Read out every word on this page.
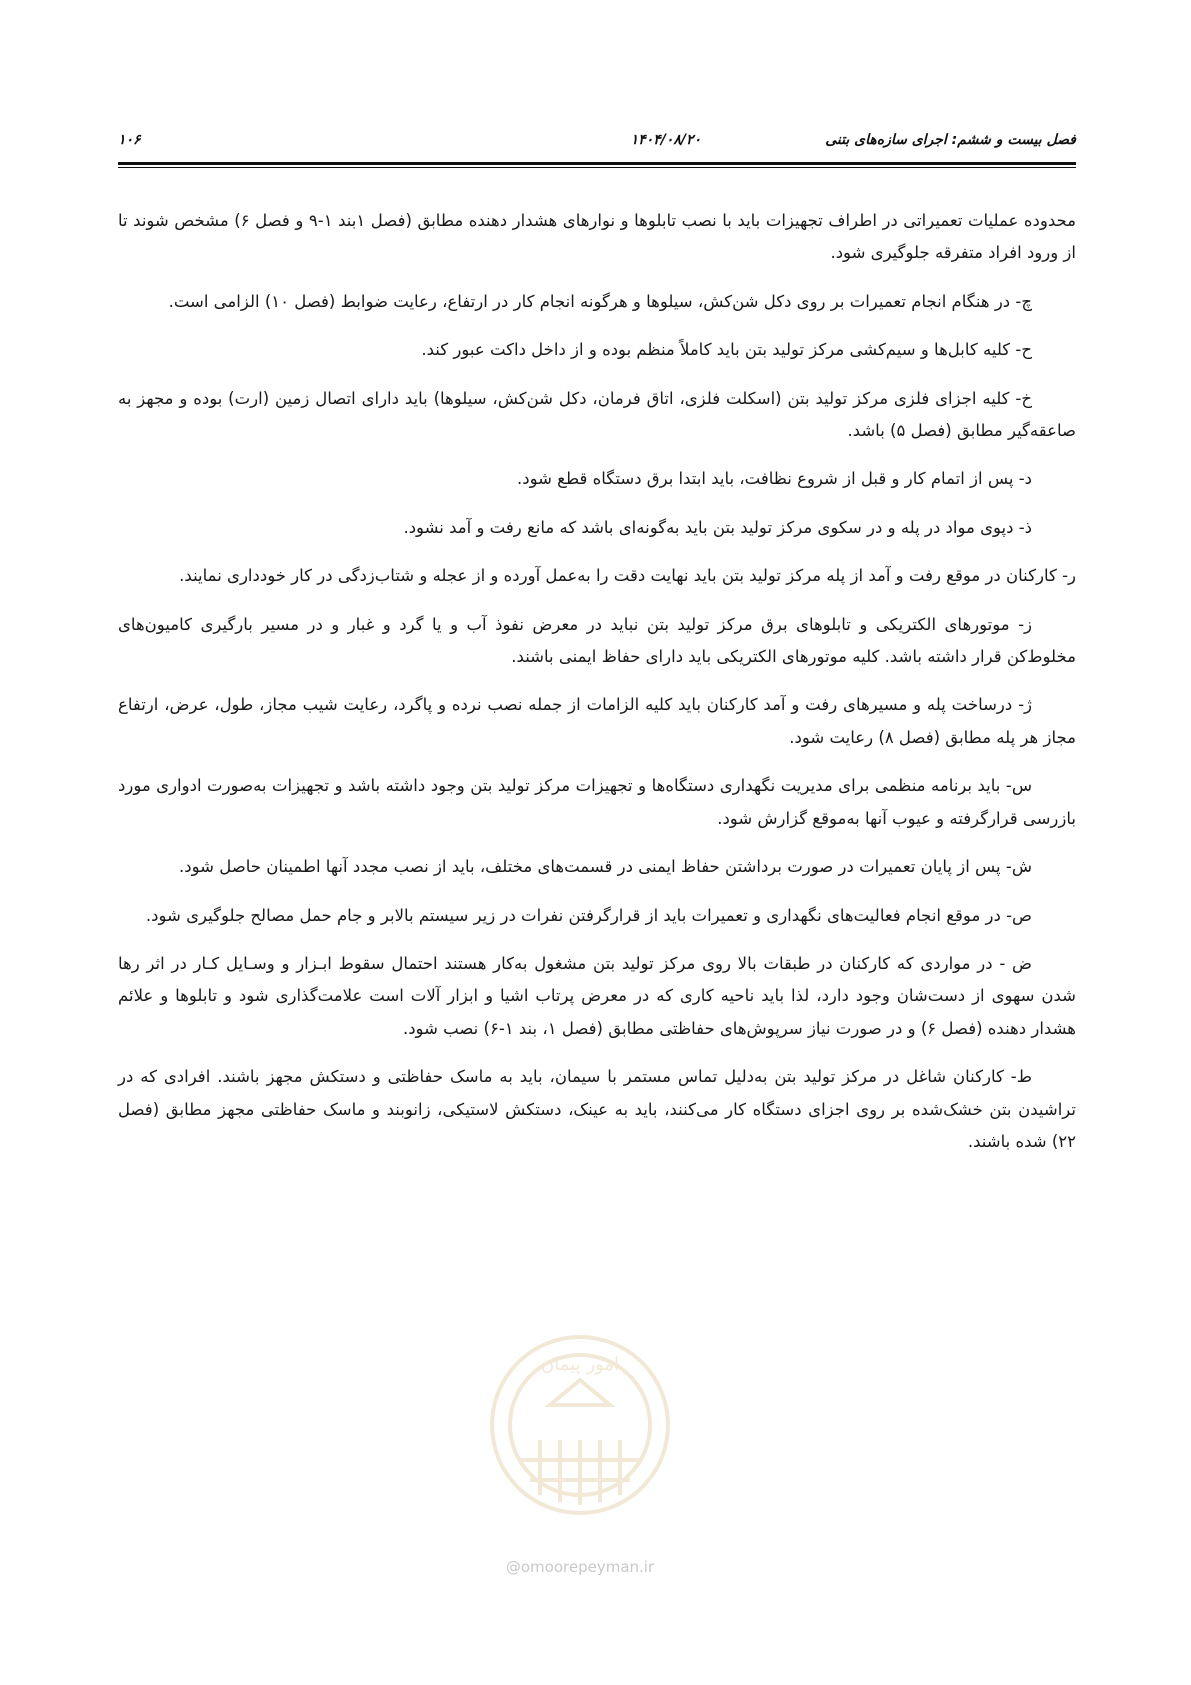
فصل بیست و ششم: اجرای سازه‌های بتنی
۱۴۰۴/۰۸/۲۰
۱۰۶

محدوده عملیات تعمیراتی در اطراف تجهیزات باید با نصب تابلوها و نوارهای هشدار دهنده مطابق (فصل ۱بند ۱-۹ و فصل ۶) مشخص شوند تا از ورود افراد متفرقه جلوگیری شود.

چ- در هنگام انجام تعمیرات بر روی دکل شن‌کش، سیلوها و هرگونه انجام کار در ارتفاع، رعایت ضوابط (فصل ۱۰) الزامی است.

ح- کلیه کابل‌ها و سیم‌کشی مرکز تولید بتن باید کاملاً منظم بوده و از داخل داکت عبور کند.

خ- کلیه اجزای فلزی مرکز تولید بتن (اسکلت فلزی، اتاق فرمان، دکل شن‌کش، سیلوها) باید دارای اتصال زمین (ارت) بوده و مجهز به صاعقه‌گیر مطابق (فصل ۵) باشد.

د- پس از اتمام کار و قبل از شروع نظافت، باید ابتدا برق دستگاه قطع شود.

ذ- دپوی مواد در پله و در سکوی مرکز تولید بتن باید به‌گونه‌ای باشد که مانع رفت و آمد نشود.

ر- کارکنان در موقع رفت و آمد از پله مرکز تولید بتن باید نهایت دقت را به‌عمل آورده و از عجله و شتاب‌زدگی در کار خودداری نمایند.

ز- موتورهای الکتریکی و تابلوهای برق مرکز تولید بتن نباید در معرض نفوذ آب و یا گرد و غبار و در مسیر بارگیری کامیون‌های مخلوط‌کن قرار داشته باشد. کلیه موتورهای الکتریکی باید دارای حفاظ ایمنی باشند.

ژ- درساخت پله و مسیرهای رفت و آمد کارکنان باید کلیه الزامات از جمله نصب نرده و پاگرد، رعایت شیب مجاز، طول، عرض، ارتفاع مجاز هر پله مطابق (فصل ۸) رعایت شود.

س- باید برنامه منظمی برای مدیریت نگهداری دستگاه‌ها و تجهیزات مرکز تولید بتن وجود داشته باشد و تجهیزات به‌صورت ادواری مورد بازرسی قرارگرفته و عیوب آنها به‌موقع گزارش شود.

ش- پس از پایان تعمیرات در صورت برداشتن حفاظ ایمنی در قسمت‌های مختلف، باید از نصب مجدد آنها اطمینان حاصل شود.

ص- در موقع انجام فعالیت‌های نگهداری و تعمیرات باید از قرارگرفتن نفرات در زیر سیستم بالابر و جام حمل مصالح جلوگیری شود.

ض - در مواردی که کارکنان در طبقات بالا روی مرکز تولید بتن مشغول به‌کار هستند احتمال سقوط ابـزار و وسـایل کـار در اثر رها شدن سهوی از دست‌شان وجود دارد، لذا باید ناحیه کاری که در معرض پرتاب اشیا و ابزار آلات است علامت‌گذاری شود و تابلوها و علائم هشدار دهنده (فصل ۶) و در صورت نیاز سرپوش‌های حفاظتی مطابق (فصل ۱، بند ۱-۶) نصب شود.

ط- کارکنان شاغل در مرکز تولید بتن به‌دلیل تماس مستمر با سیمان، باید به ماسک حفاظتی و دستکش مجهز باشند. افرادی که در تراشیدن بتن خشک‌شده بر روی اجزای دستگاه کار می‌کنند، باید به عینک، دستکش لاستیکی، زانوبند و ماسک حفاظتی مجهز مطابق (فصل ۲۲) شده باشند.

امور پیمان
@omoorepeyman.ir
